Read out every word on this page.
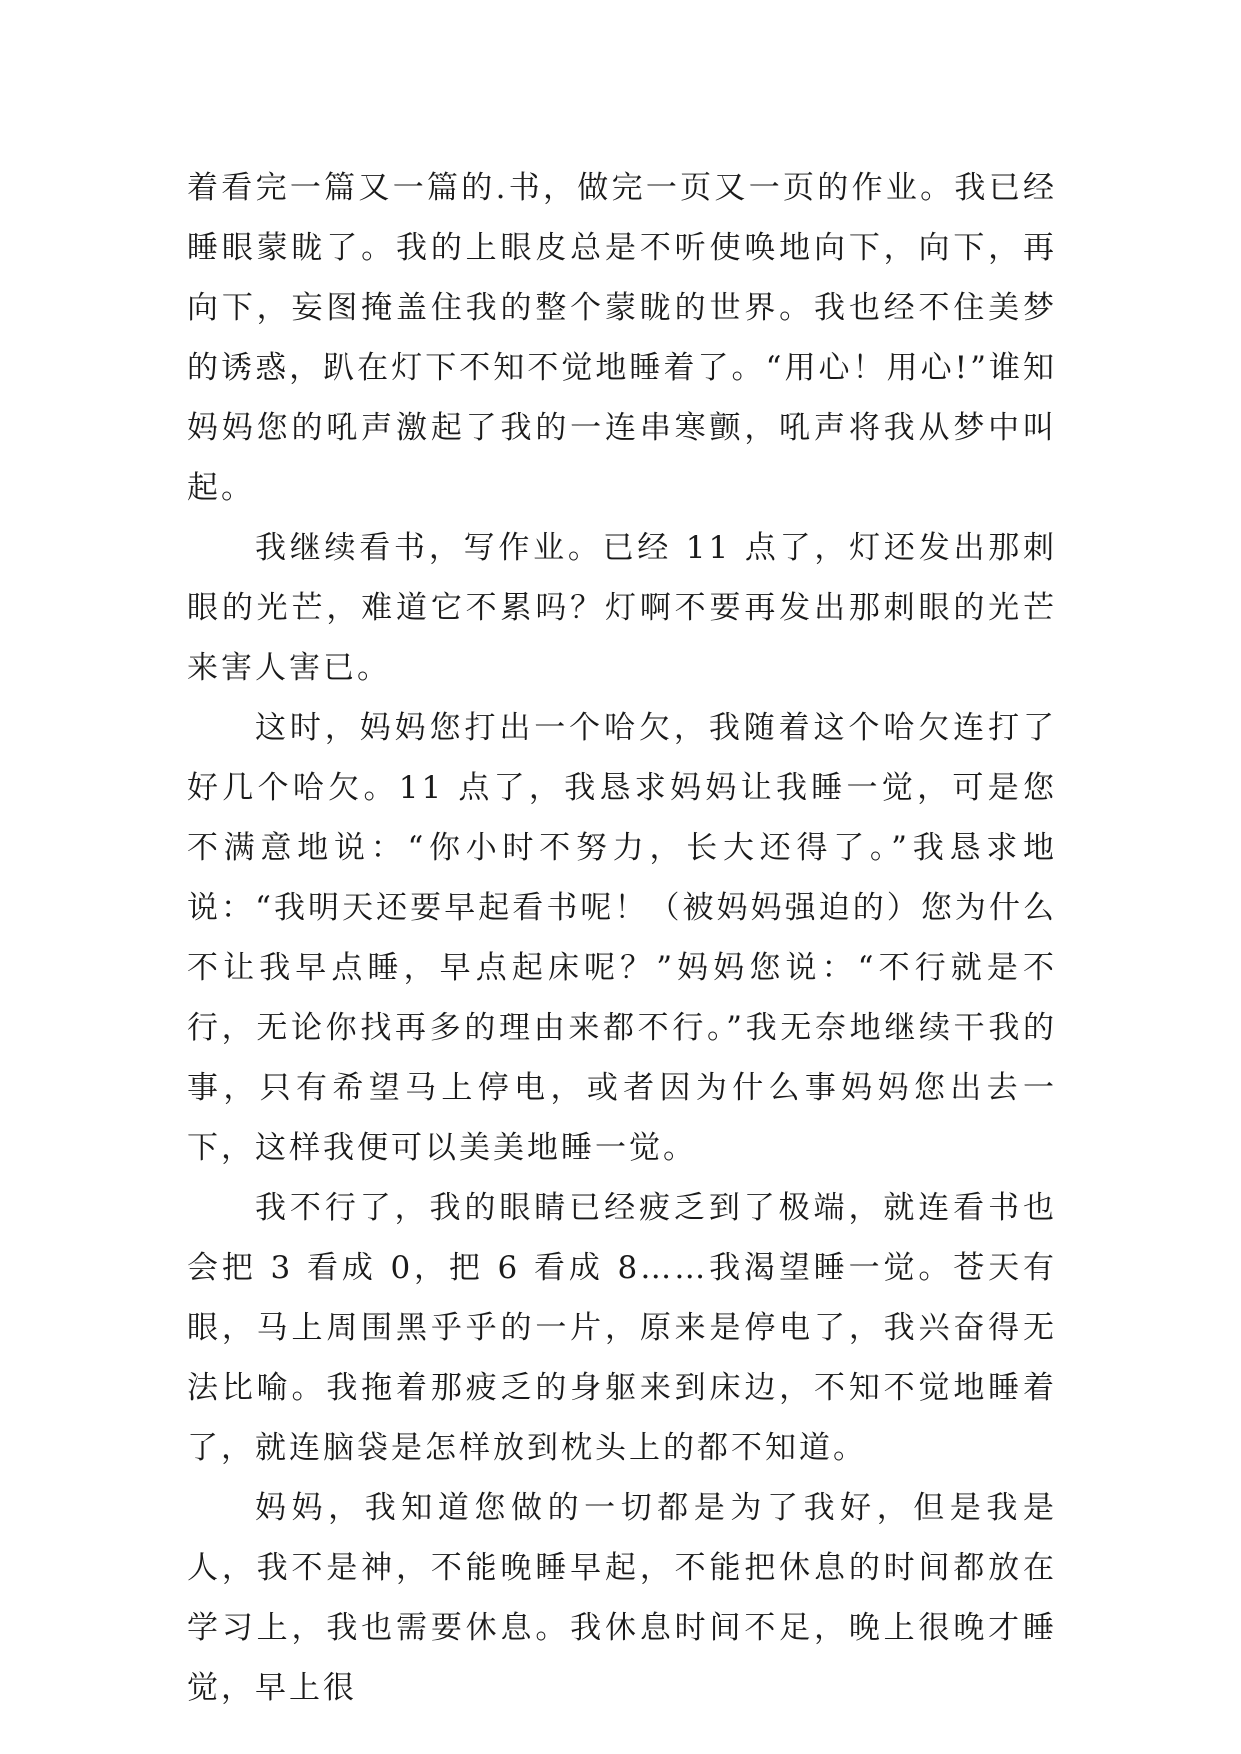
着看完一篇又一篇的.书，做完一页又一页的作业。我已经睡眼蒙眬了。我的上眼皮总是不听使唤地向下，向下，再向下，妄图掩盖住我的整个蒙眬的世界。我也经不住美梦的诱惑，趴在灯下不知不觉地睡着了。“用心！用心!”谁知妈妈您的吼声激起了我的一连串寒颤，吼声将我从梦中叫起。

我继续看书，写作业。已经 11 点了，灯还发出那刺眼的光芒，难道它不累吗？灯啊不要再发出那刺眼的光芒来害人害已。

这时，妈妈您打出一个哈欠，我随着这个哈欠连打了好几个哈欠。11 点了，我恳求妈妈让我睡一觉，可是您不满意地说：“你小时不努力，长大还得了。”我恳求地说：“我明天还要早起看书呢！（被妈妈强迫的）您为什么不让我早点睡，早点起床呢？”妈妈您说：“不行就是不行，无论你找再多的理由来都不行。”我无奈地继续干我的事，只有希望马上停电，或者因为什么事妈妈您出去一下，这样我便可以美美地睡一觉。

我不行了，我的眼睛已经疲乏到了极端，就连看书也会把 3 看成 0，把 6 看成 8……我渴望睡一觉。苍天有眼，马上周围黑乎乎的一片，原来是停电了，我兴奋得无法比喻。我拖着那疲乏的身躯来到床边，不知不觉地睡着了，就连脑袋是怎样放到枕头上的都不知道。

妈妈，我知道您做的一切都是为了我好，但是我是人，我不是神，不能晚睡早起，不能把休息的时间都放在学习上，我也需要休息。我休息时间不足，晚上很晚才睡觉，早上很
